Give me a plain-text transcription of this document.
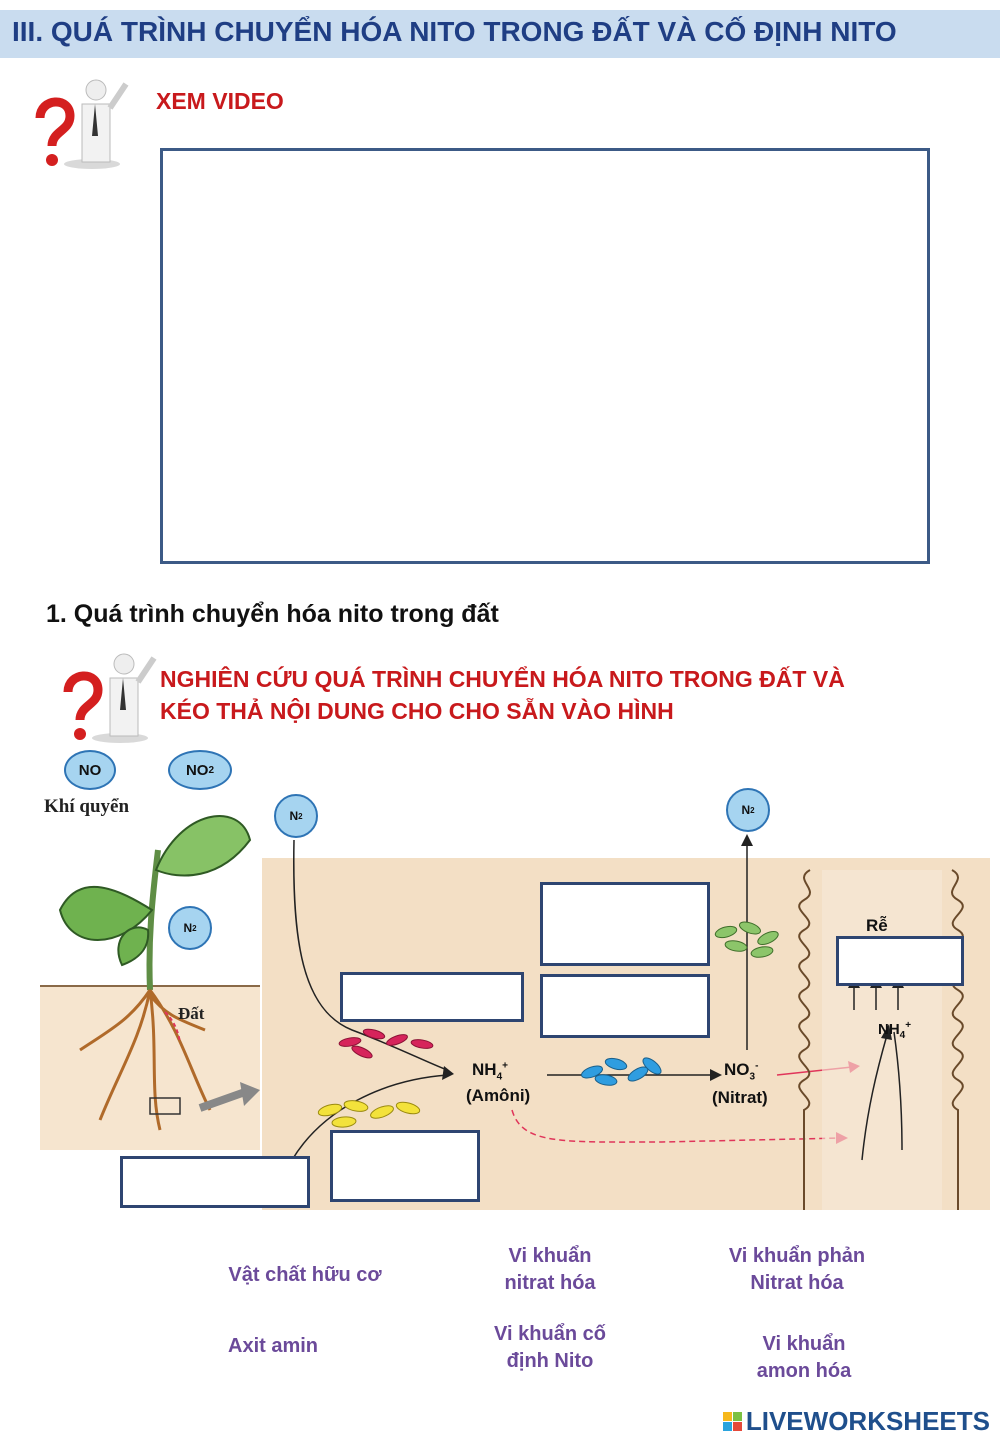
III. QUÁ TRÌNH CHUYỂN HÓA NITO TRONG ĐẤT VÀ CỐ ĐỊNH NITO
XEM VIDEO
1. Quá trình chuyển hóa nito trong đất
NGHIÊN CỨU QUÁ TRÌNH CHUYỂN HÓA NITO TRONG ĐẤT VÀ
KÉO THẢ NỘI DUNG CHO CHO SẴN VÀO HÌNH
NO	NO 2
Khí quyển
N 2
Đất
N 2	N 2
$NH_4^+$
(Amôni)
$NO_3^-$
(Nitrat)
Rễ
$NH_4^+$
Vật chất hữu cơ
Vi khuẩn nitrat hóa
Vi khuẩn phản Nitrat hóa
Axit amin
Vi khuẩn cố định Nito
Vi khuẩn amon hóa
LIVEWORKSHEETS
